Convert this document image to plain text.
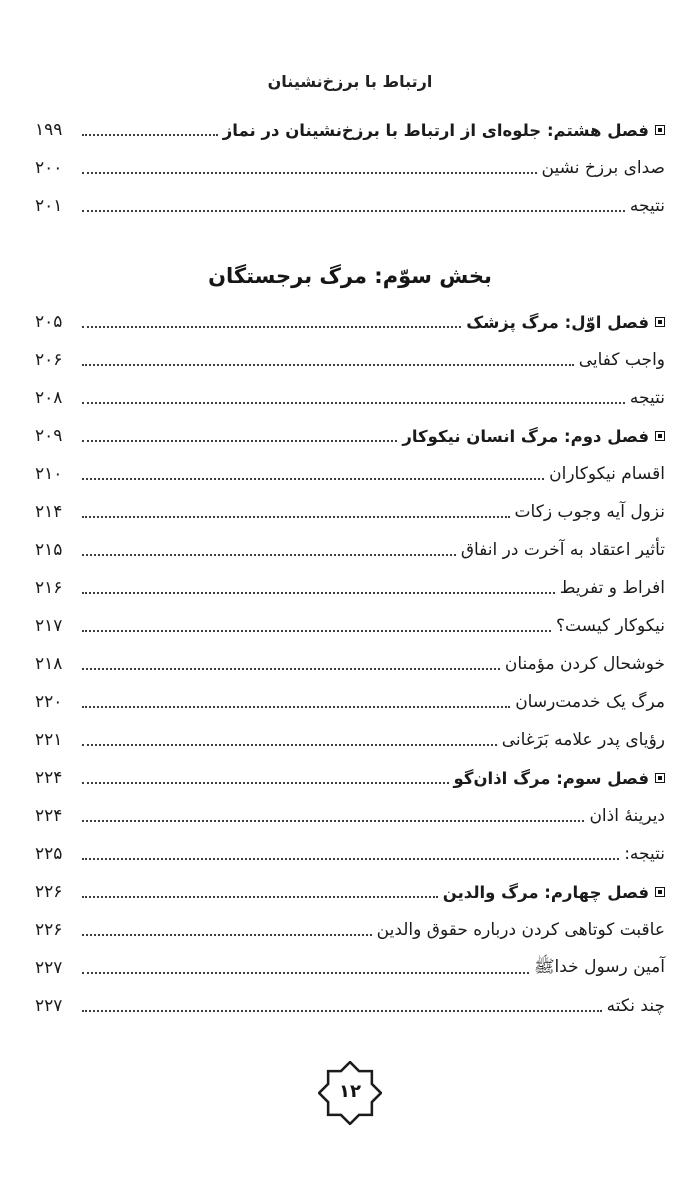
ارتباط با برزخ‌نشینان
فصل هشتم: جلوه‌ای از ارتباط با برزخ‌نشینان در نماز
۱۹۹
صدای برزخ نشین
۲۰۰
نتیجه
۲۰۱
بخش سوّم: مرگ برجستگان
فصل اوّل: مرگ پزشک
۲۰۵
واجب کفایی
۲۰۶
نتیجه
۲۰۸
فصل دوم: مرگ انسان نیکوکار
۲۰۹
اقسام نیکوکاران
۲۱۰
نزول آیه وجوب زکات
۲۱۴
تأثیر اعتقاد به آخرت در انفاق
۲۱۵
افراط و تفریط
۲۱۶
نیکوکار کیست؟
۲۱۷
خوشحال کردن مؤمنان
۲۱۸
مرگ یک خدمت‌رسان
۲۲۰
رؤیای پدر علامه بَرَغانی
۲۲۱
فصل سوم: مرگ اذان‌گو
۲۲۴
دیرینهٔ اذان
۲۲۴
نتیجه:
۲۲۵
فصل چهارم: مرگ والدین
۲۲۶
عاقبت کوتاهی کردن درباره حقوق والدین
۲۲۶
آمین رسول خداﷺ
۲۲۷
چند نکته
۲۲۷
۱۲
